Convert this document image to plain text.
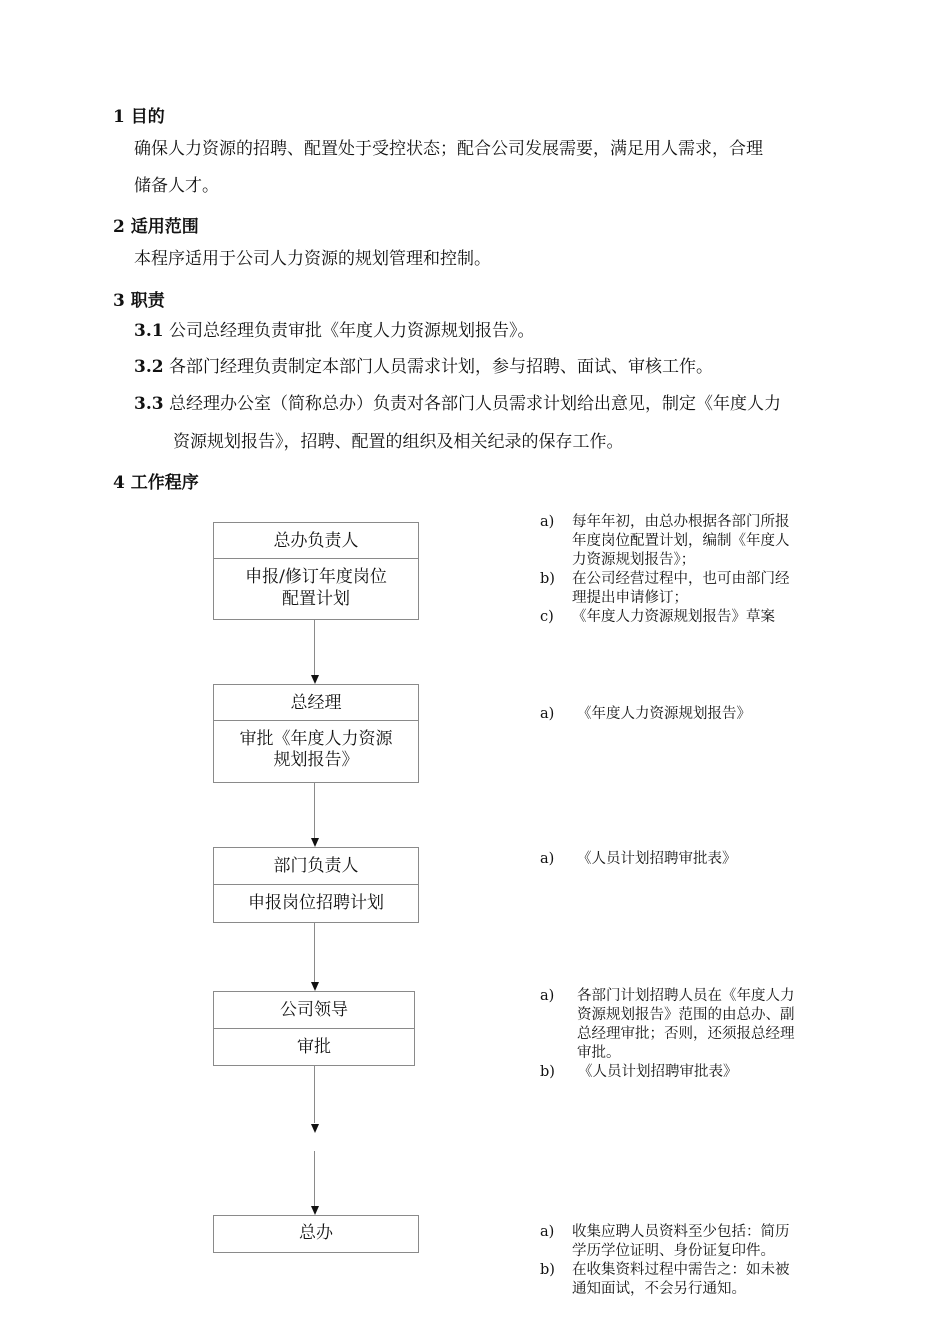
1 目的
确保人力资源的招聘、配置处于受控状态；配合公司发展需要，满足用人需求，合理
储备人才。
2 适用范围
本程序适用于公司人力资源的规划管理和控制。
3 职责
3.1 公司总经理负责审批《年度人力资源规划报告》。
3.2 各部门经理负责制定本部门人员需求计划，参与招聘、面试、审核工作。
3.3 总经理办公室（简称总办）负责对各部门人员需求计划给出意见，制定《年度人力
资源规划报告》，招聘、配置的组织及相关纪录的保存工作。
4 工作程序
总办负责人
申报/修订年度岗位
配置计划
总经理
审批《年度人力资源
规划报告》
部门负责人
申报岗位招聘计划
公司领导
审批
总办
a)	每年年初，由总办根据各部门所报
年度岗位配置计划，编制《年度人
力资源规划报告》；
b)	在公司经营过程中，也可由部门经
理提出申请修订；
c)	《年度人力资源规划报告》草案
a)	《年度人力资源规划报告》
a)	《人员计划招聘审批表》
a)	各部门计划招聘人员在《年度人力
资源规划报告》范围的由总办、副
总经理审批；否则，还须报总经理
审批。
b)	《人员计划招聘审批表》
a)	收集应聘人员资料至少包括：简历
学历学位证明、身份证复印件。
b)	在收集资料过程中需告之：如未被
通知面试，不会另行通知。
